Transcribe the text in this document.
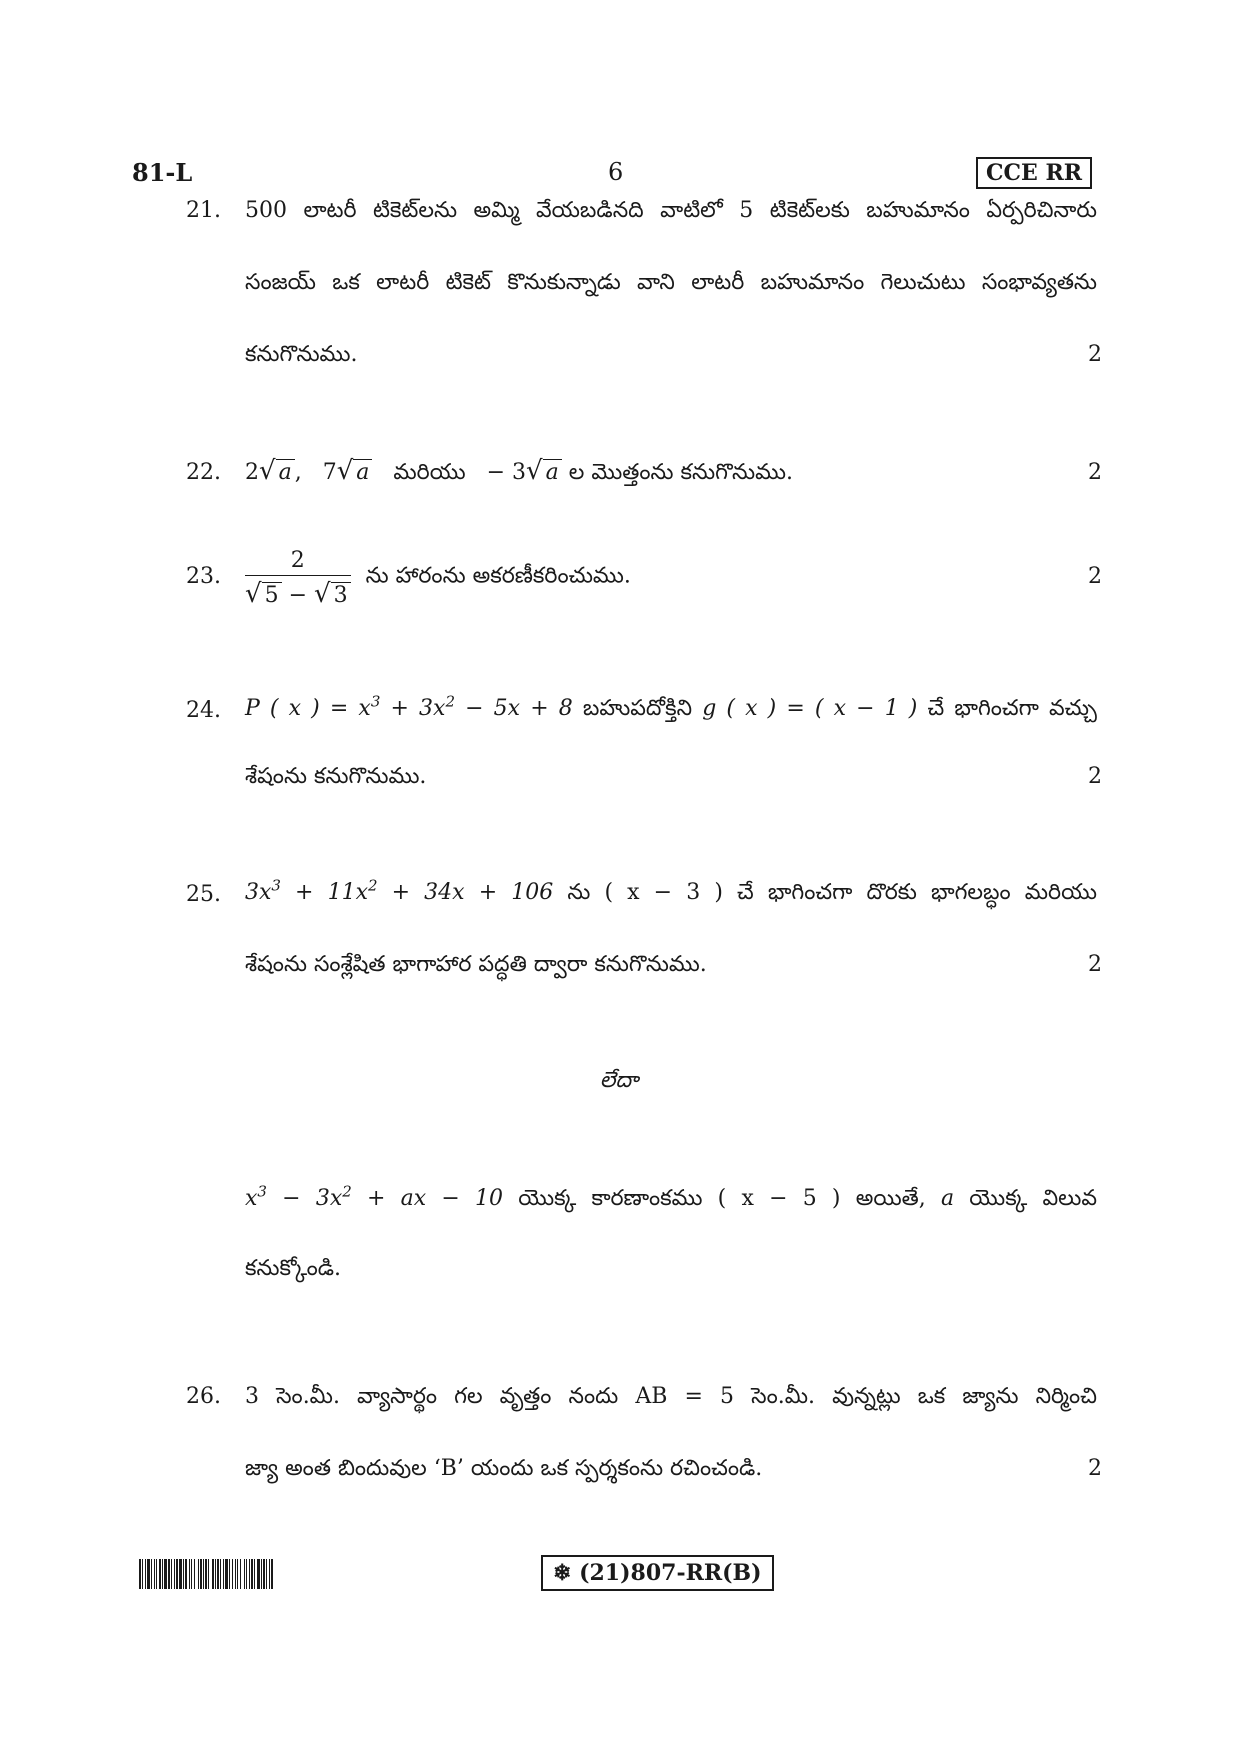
81-L	6	CCE RR
21. 500 లాటరీ టికెట్‌లను అమ్మి వేయబడినది వాటిలో 5 టికెట్‌లకు బహుమానం ఏర్పరిచినారు
సంజయ్ ఒక లాటరీ టికెట్ కొనుకున్నాడు వాని లాటరీ బహుమానం గెలుచుటు సంభావ్యతను
కనుగొనుము.	2
22. 2√ a , 7√ a మరియు − 3√ a ల మొత్తంను కనుగొనుము.	2
23. $\frac{2}{√ 5 - √ 3}$ ను హారంను అకరణీకరించుము.	2
24. P ( x ) = $x^3 + 3x^2 - 5x + 8$ బహుపదోక్తిని g ( x ) = ( x − 1 ) చే భాగించగా వచ్చు
శేషంను కనుగొనుము.	2
25. $3x^3 + 11x^2 + 34x + 106$ ను ( x − 3 ) చే భాగించగా దొరకు భాగలబ్ధం మరియు
శేషంను సంశ్లేషిత భాగాహార పద్ధతి ద్వారా కనుగొనుము.	2
లేదా
$x^3 - 3x^2$ + ax − 10 యొక్క కారణాంకము ( x − 5 ) అయితే, a యొక్క విలువ
కనుక్కోండి.
26. 3 సెం.మీ. వ్యాసార్థం గల వృత్తం నందు AB = 5 సెం.మీ. వున్నట్లు ఒక జ్యాను నిర్మించి
జ్యా అంత బిందువుల ‘B’ యందు ఒక స్పర్శకంను రచించండి.	2
❄ (21)807-RR(B)
